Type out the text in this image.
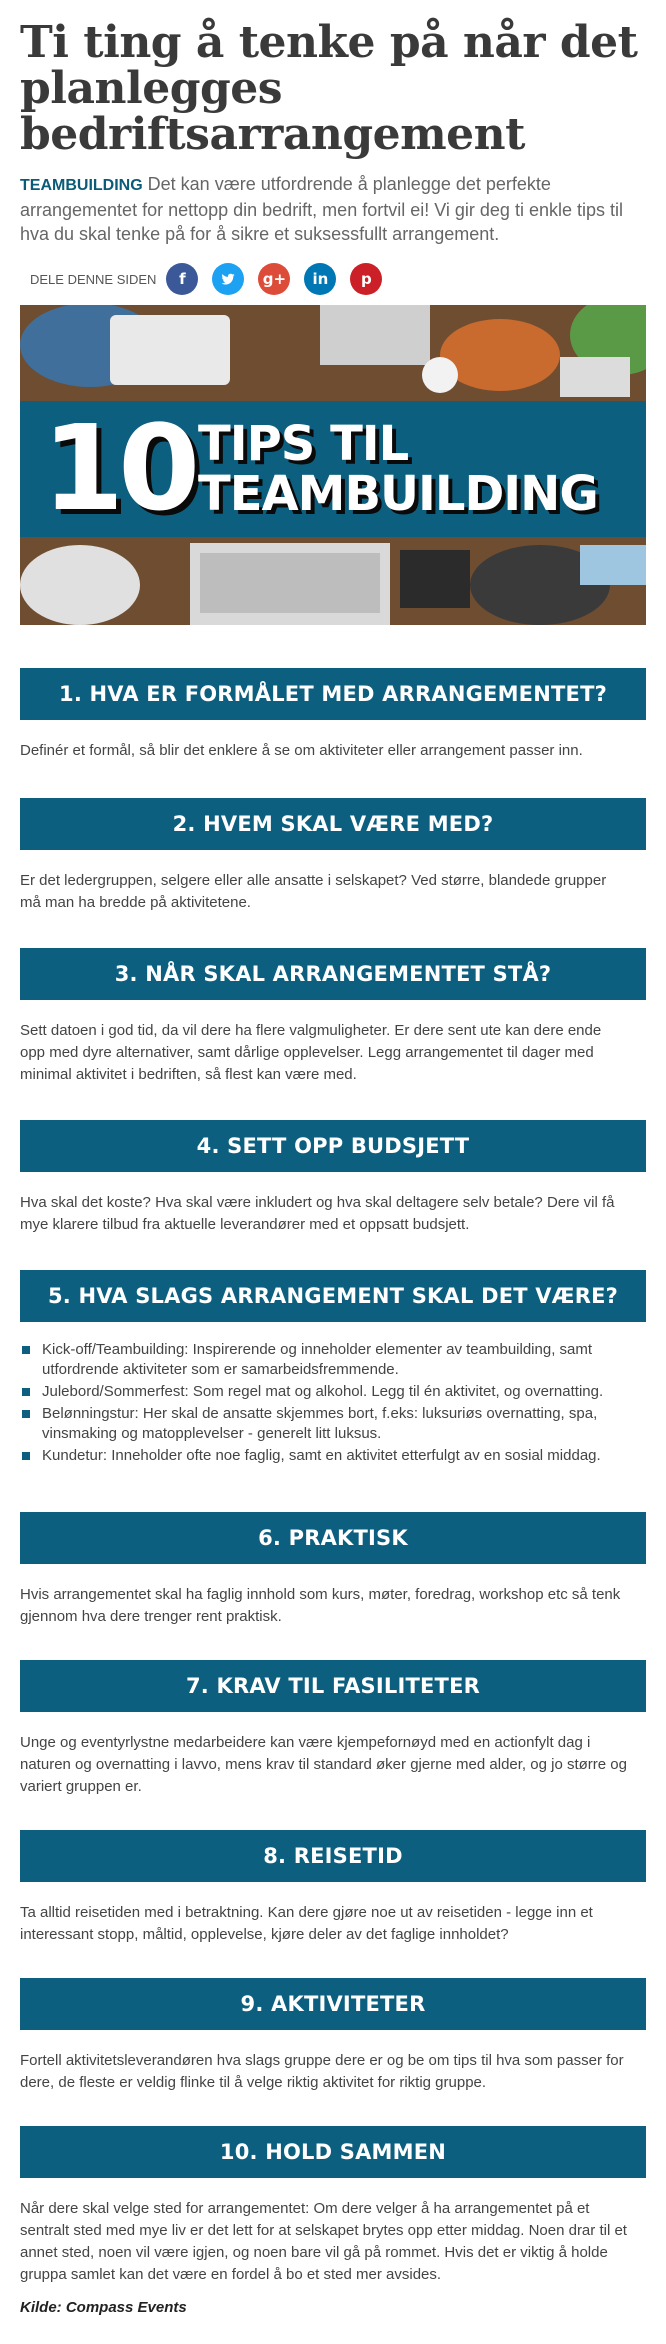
Ti ting å tenke på når det planlegges bedriftsarrangement

TEAMBUILDING Det kan være utfordrende å planlegge det perfekte arrangementet for nettopp din bedrift, men fortvil ei! Vi gir deg ti enkle tips til hva du skal tenke på for å sikre et suksessfullt arrangement.

DELE DENNE SIDEN f	g+ in p
10 TIPS TIL
TEAMBUILDING
1. HVA ER FORMÅLET MED ARRANGEMENTET?

Definér et formål, så blir det enklere å se om aktiviteter eller arrangement passer inn.

2. HVEM SKAL VÆRE MED?

Er det ledergruppen, selgere eller alle ansatte i selskapet? Ved større, blandede grupper må man ha bredde på aktivitetene.

3. NÅR SKAL ARRANGEMENTET STÅ?

Sett datoen i god tid, da vil dere ha flere valgmuligheter. Er dere sent ute kan dere ende opp med dyre alternativer, samt dårlige opplevelser. Legg arrangementet til dager med minimal aktivitet i bedriften, så flest kan være med.

4. SETT OPP BUDSJETT

Hva skal det koste? Hva skal være inkludert og hva skal deltagere selv betale? Dere vil få mye klarere tilbud fra aktuelle leverandører med et oppsatt budsjett.

5. HVA SLAGS ARRANGEMENT SKAL DET VÆRE?
Kick-off/Teambuilding: Inspirerende og inneholder elementer av teambuilding, samt utfordrende aktiviteter som er samarbeidsfremmende.
Julebord/Sommerfest: Som regel mat og alkohol. Legg til én aktivitet, og overnatting.
Belønningstur: Her skal de ansatte skjemmes bort, f.eks: luksuriøs overnatting, spa, vinsmaking og matopplevelser - generelt litt luksus.
Kundetur: Inneholder ofte noe faglig, samt en aktivitet etterfulgt av en sosial middag.
6. PRAKTISK

Hvis arrangementet skal ha faglig innhold som kurs, møter, foredrag, workshop etc så tenk gjennom hva dere trenger rent praktisk.

7. KRAV TIL FASILITETER

Unge og eventyrlystne medarbeidere kan være kjempefornøyd med en actionfylt dag i naturen og overnatting i lavvo, mens krav til standard øker gjerne med alder, og jo større og variert gruppen er.

8. REISETID

Ta alltid reisetiden med i betraktning. Kan dere gjøre noe ut av reisetiden - legge inn et interessant stopp, måltid, opplevelse, kjøre deler av det faglige innholdet?

9. AKTIVITETER

Fortell aktivitetsleverandøren hva slags gruppe dere er og be om tips til hva som passer for dere, de fleste er veldig flinke til å velge riktig aktivitet for riktig gruppe.

10. HOLD SAMMEN

Når dere skal velge sted for arrangementet: Om dere velger å ha arrangementet på et sentralt sted med mye liv er det lett for at selskapet brytes opp etter middag. Noen drar til et annet sted, noen vil være igjen, og noen bare vil gå på rommet. Hvis det er viktig å holde gruppa samlet kan det være en fordel å bo et sted mer avsides.

Kilde: Compass Events
